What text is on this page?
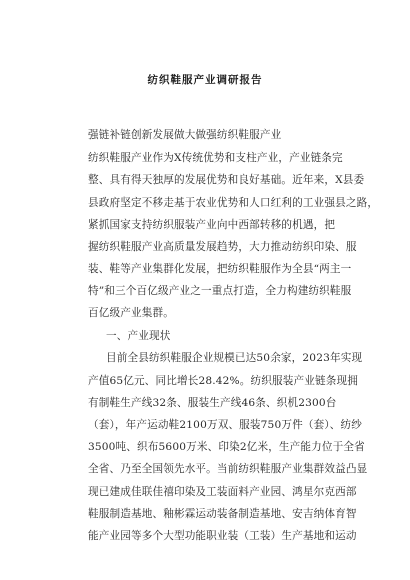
纺织鞋服产业调研报告
强链补链创新发展做大做强纺织鞋服产业
纺织鞋服产业作为X传统优势和支柱产业，产业链条完
整、具有得天独厚的发展优势和良好基础。近年来，X县委
县政府坚定不移走基于农业优势和人口红利的工业强县之路，
紧抓国家支持纺织服装产业向中西部转移的机遇，把
握纺织鞋服产业高质量发展趋势，大力推动纺织印染、服
装、鞋等产业集群化发展，把纺织鞋服作为全县“两主一
特”和三个百亿级产业之一重点打造，全力构建纺织鞋服
百亿级产业集群。
一、产业现状
目前全县纺织鞋服企业规模已达50余家，2023年实现
产值65亿元、同比增长28.42%。纺织服装产业链条现拥
有制鞋生产线32条、服装生产线46条、织机2300台
（套），年产运动鞋2100万双、服装750万件（套）、纺纱
3500吨、织布5600万米、印染2亿米，生产能力位于全省
全省、乃至全国领先水平。当前纺织鞋服产业集群效益凸显
现已建成佳联佳禧印染及工装面料产业园、鸿星尔克西部
鞋服制造基地、釉彬霖运动装备制造基地、安吉纳体育智
能产业园等多个大型功能职业装（工装）生产基地和运动
